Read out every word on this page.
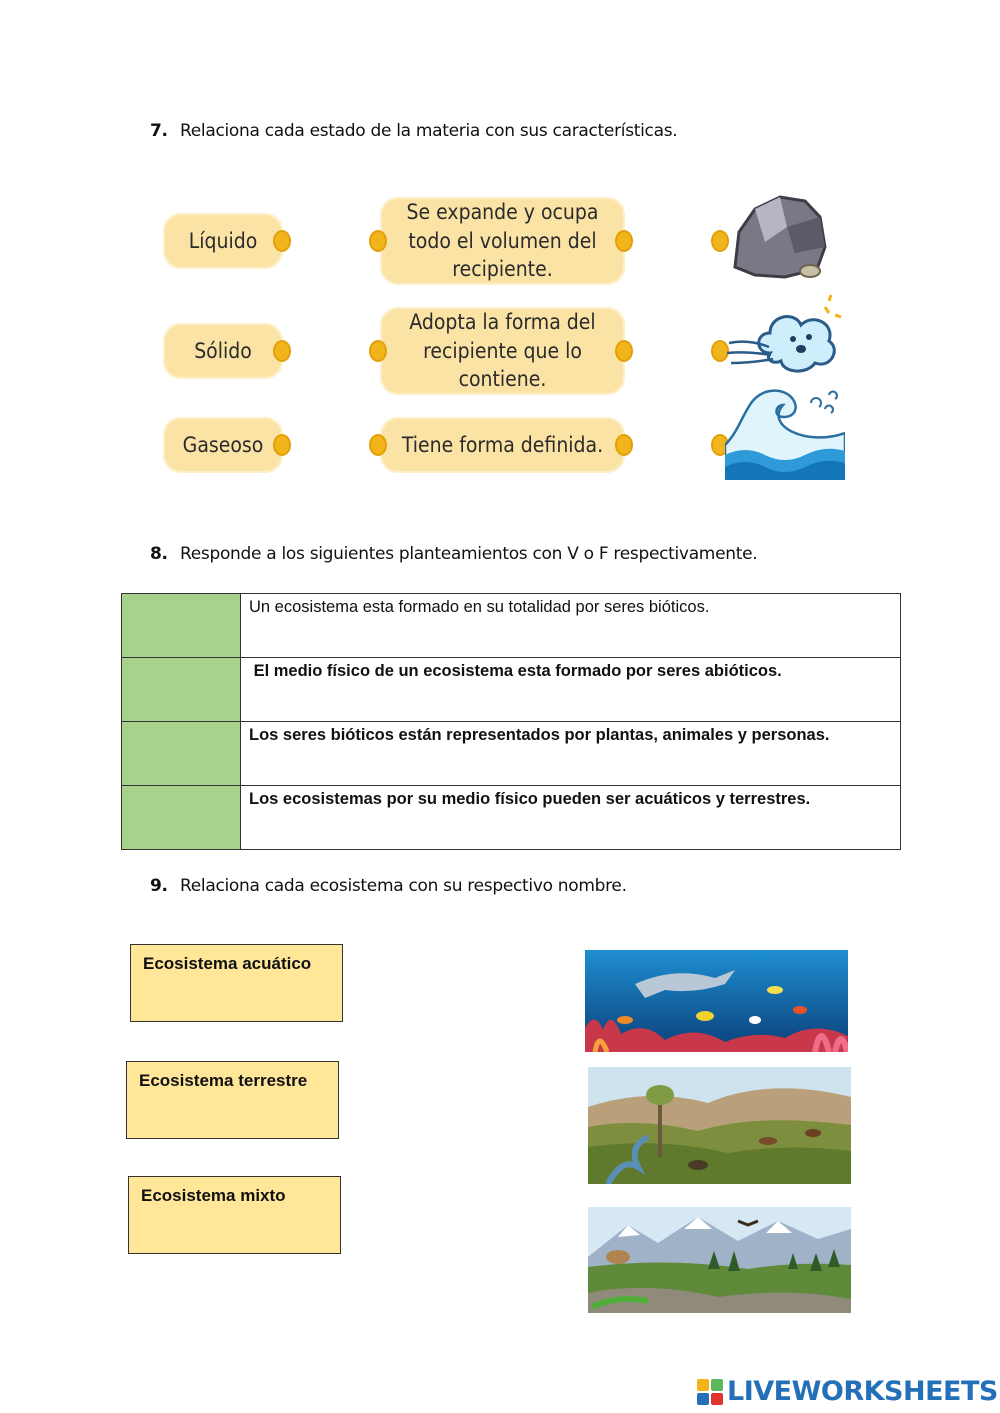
7. Relaciona cada estado de la materia con sus características.
Líquido
Sólido
Gaseoso
Se expande y ocupa todo el volumen del recipiente.
Adopta la forma del recipiente que lo contiene.
Tiene forma definida.
8. Responde a los siguientes planteamientos con V o F respectivamente.
	Un ecosistema esta formado en su totalidad por seres bióticos.
	El medio físico de un ecosistema esta formado por seres abióticos.
	Los seres bióticos están representados por plantas, animales y personas.
	Los ecosistemas por su medio físico pueden ser acuáticos y terrestres.
9. Relaciona cada ecosistema con su respectivo nombre.
Ecosistema acuático
Ecosistema terrestre
Ecosistema mixto
LIVEWORKSHEETS
